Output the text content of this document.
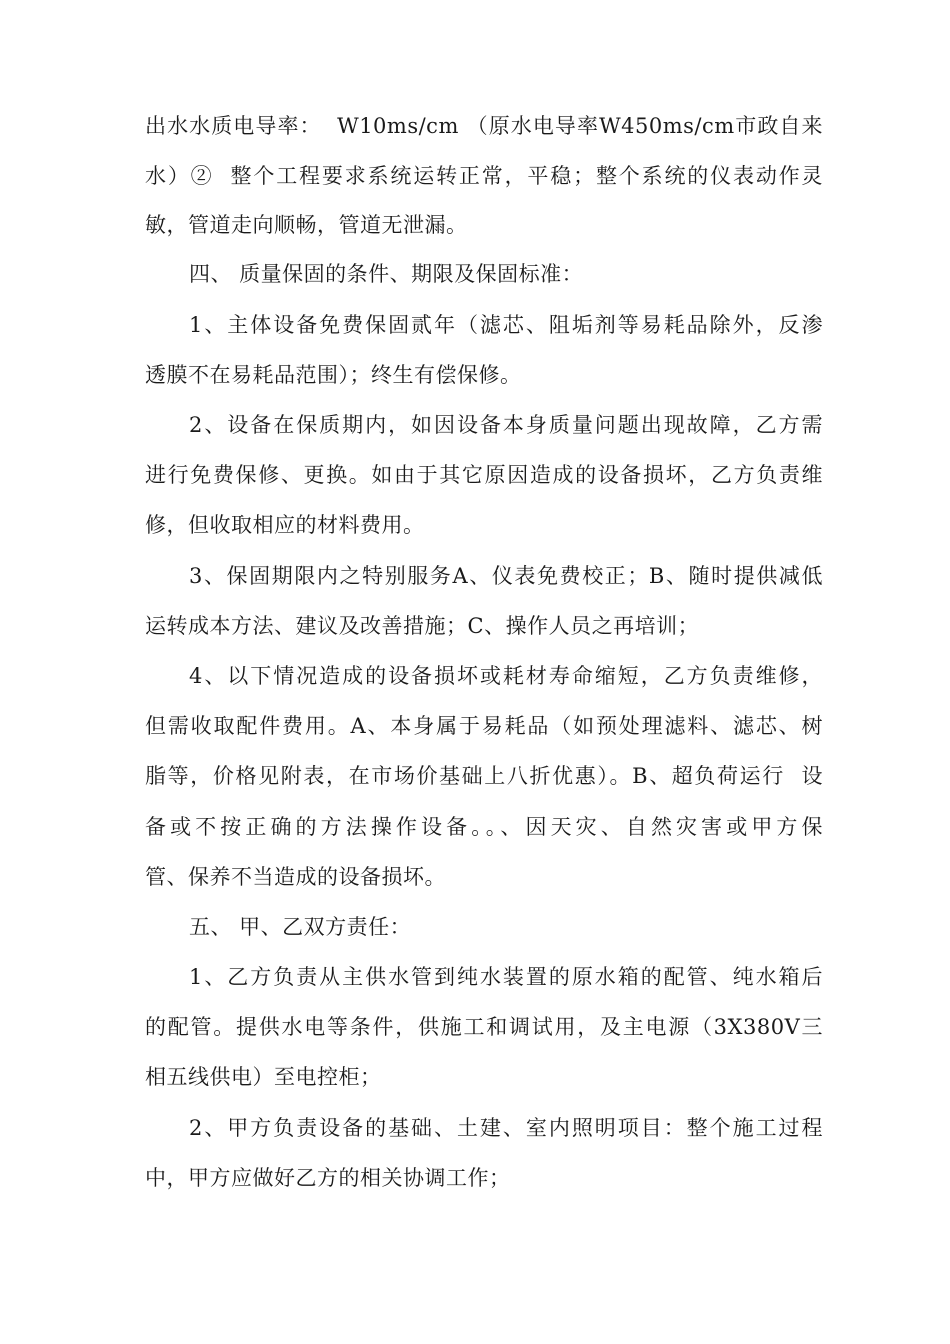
出水水质电导率：  W10ms/cm （原水电导率W450ms/cm市政自来
水）②  整个工程要求系统运转正常，平稳；整个系统的仪表动作灵
敏，管道走向顺畅，管道无泄漏。
四、 质量保固的条件、期限及保固标准：
1、主体设备免费保固贰年（滤芯、阻垢剂等易耗品除外，反渗
透膜不在易耗品范围）；终生有偿保修。
2、设备在保质期内，如因设备本身质量问题出现故障，乙方需
进行免费保修、更换。如由于其它原因造成的设备损坏，乙方负责维
修，但收取相应的材料费用。
3、保固期限内之特别服务A、仪表免费校正；B、随时提供减低
运转成本方法、建议及改善措施；C、操作人员之再培训；
4、以下情况造成的设备损坏或耗材寿命缩短，乙方负责维修，
但需收取配件费用。A、本身属于易耗品（如预处理滤料、滤芯、树
脂等，价格见附表，在市场价基础上八折优惠）。B、超负荷运行  设
备或不按正确的方法操作设备。。、因天灾、自然灾害或甲方保
管、保养不当造成的设备损坏。
五、 甲、乙双方责任：
1、乙方负责从主供水管到纯水装置的原水箱的配管、纯水箱后
的配管。提供水电等条件，供施工和调试用，及主电源（3X380V三
相五线供电）至电控柜；
2、甲方负责设备的基础、土建、室内照明项目：整个施工过程
中，甲方应做好乙方的相关协调工作；
